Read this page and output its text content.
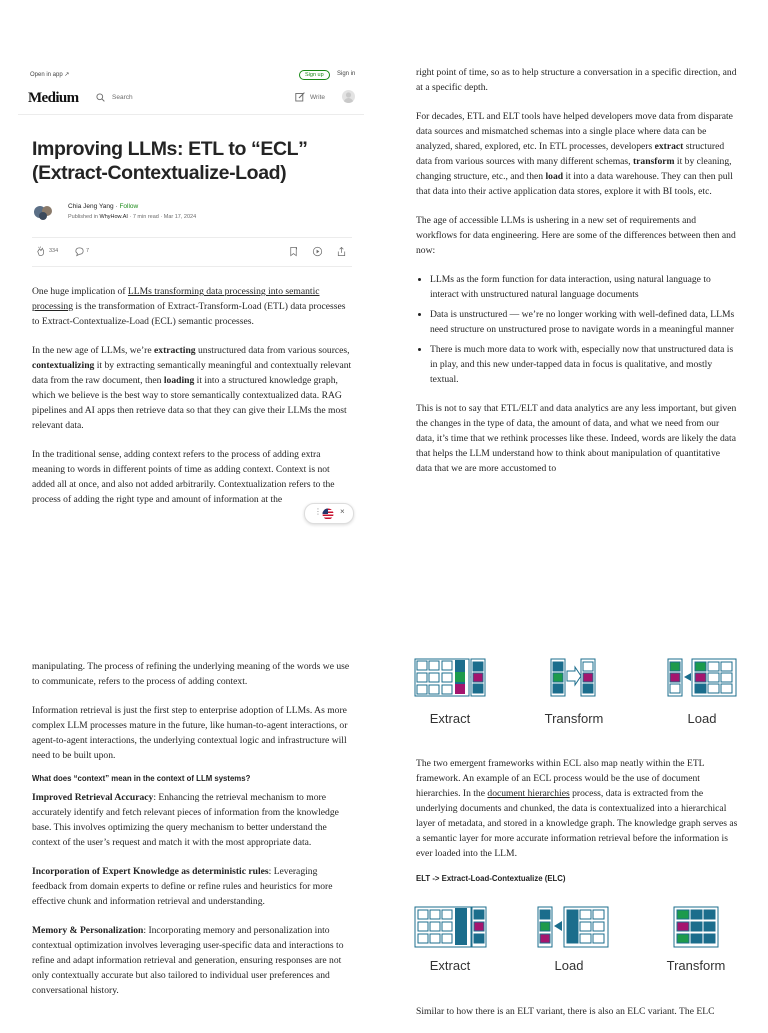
Open in app ↗	Sign up	Sign in
Medium	Search	Write
Improving LLMs: ETL to “ECL” (Extract-Contextualize-Load)
Chia Jeng Yang · Follow
Published in WhyHow.AI · 7 min read · Mar 17, 2024
334	7

One huge implication of LLMs transforming data processing into semantic processing is the transformation of Extract-Transform-Load (ETL) data processes to Extract-Contextualize-Load (ECL) semantic processes.

In the new age of LLMs, we’re extracting unstructured data from various sources, contextualizing it by extracting semantically meaningful and contextually relevant data from the raw document, then loading it into a structured knowledge graph, which we believe is the best way to store semantically contextualized data. RAG pipelines and AI apps then retrieve data so that they can give their LLMs the most relevant data.

In the traditional sense, adding context refers to the process of adding extra meaning to words in different points of time as adding context. Context is not added all at once, and also not added arbitrarily. Contextualization refers to the process of adding the right type and amount of information at the

⋮ ×

right point of time, so as to help structure a conversation in a specific direction, and at a specific depth.

For decades, ETL and ELT tools have helped developers move data from disparate data sources and mismatched schemas into a single place where data can be analyzed, shared, explored, etc. In ETL processes, developers extract structured data from various sources with many different schemas, transform it by cleaning, changing structure, etc., and then load it into a data warehouse. They can then pull that data into their active application data stores, explore it with BI tools, etc.

The age of accessible LLMs is ushering in a new set of requirements and workflows for data engineering. Here are some of the differences between then and now:

• LLMs as the form function for data interaction, using natural language to interact with unstructured natural language documents
• Data is unstructured — we’re no longer working with well-defined data, LLMs need structure on unstructured prose to navigate words in a meaningful manner
• There is much more data to work with, especially now that unstructured data is in play, and this new under-tapped data in focus is qualitative, and mostly textual.

This is not to say that ETL/ELT and data analytics are any less important, but given the changes in the type of data, the amount of data, and what we need from our data, it’s time that we rethink processes like these. Indeed, words are likely the data that helps the LLM understand how to think about manipulation of quantitative data that we are more accustomed to

manipulating. The process of refining the underlying meaning of the words we use to communicate, refers to the process of adding context.

Information retrieval is just the first step to enterprise adoption of LLMs. As more complex LLM processes mature in the future, like human-to-agent interactions, or agent-to-agent interactions, the underlying contextual logic and infrastructure will need to be built upon.

What does “context” mean in the context of LLM systems?

Improved Retrieval Accuracy: Enhancing the retrieval mechanism to more accurately identify and fetch relevant pieces of information from the knowledge base. This involves optimizing the query mechanism to better understand the context of the user’s request and match it with the most appropriate data.

Incorporation of Expert Knowledge as deterministic rules: Leveraging feedback from domain experts to define or refine rules and heuristics for more effective chunk and information retrieval and understanding.

Memory & Personalization: Incorporating memory and personalization into contextual optimization involves leveraging user-specific data and interactions to refine and adapt information retrieval and generation, ensuring responses are not only contextually accurate but also tailored to individual user preferences and conversational history.

Extract	Transform	Load

The two emergent frameworks within ECL also map neatly within the ETL framework. An example of an ECL process would be the use of document hierarchies. In the document hierarchies process, data is extracted from the underlying documents and chunked, the data is contextualized into a hierarchical layer of metadata, and stored in a knowledge graph. The knowledge graph serves as a semantic layer for more accurate information retrieval before the information is ever loaded into the LLM.

ELT -> Extract-Load-Contextualize (ELC)
Extract	Load	Transform

Similar to how there is an ELT variant, there is also an ELC variant. The ELC
